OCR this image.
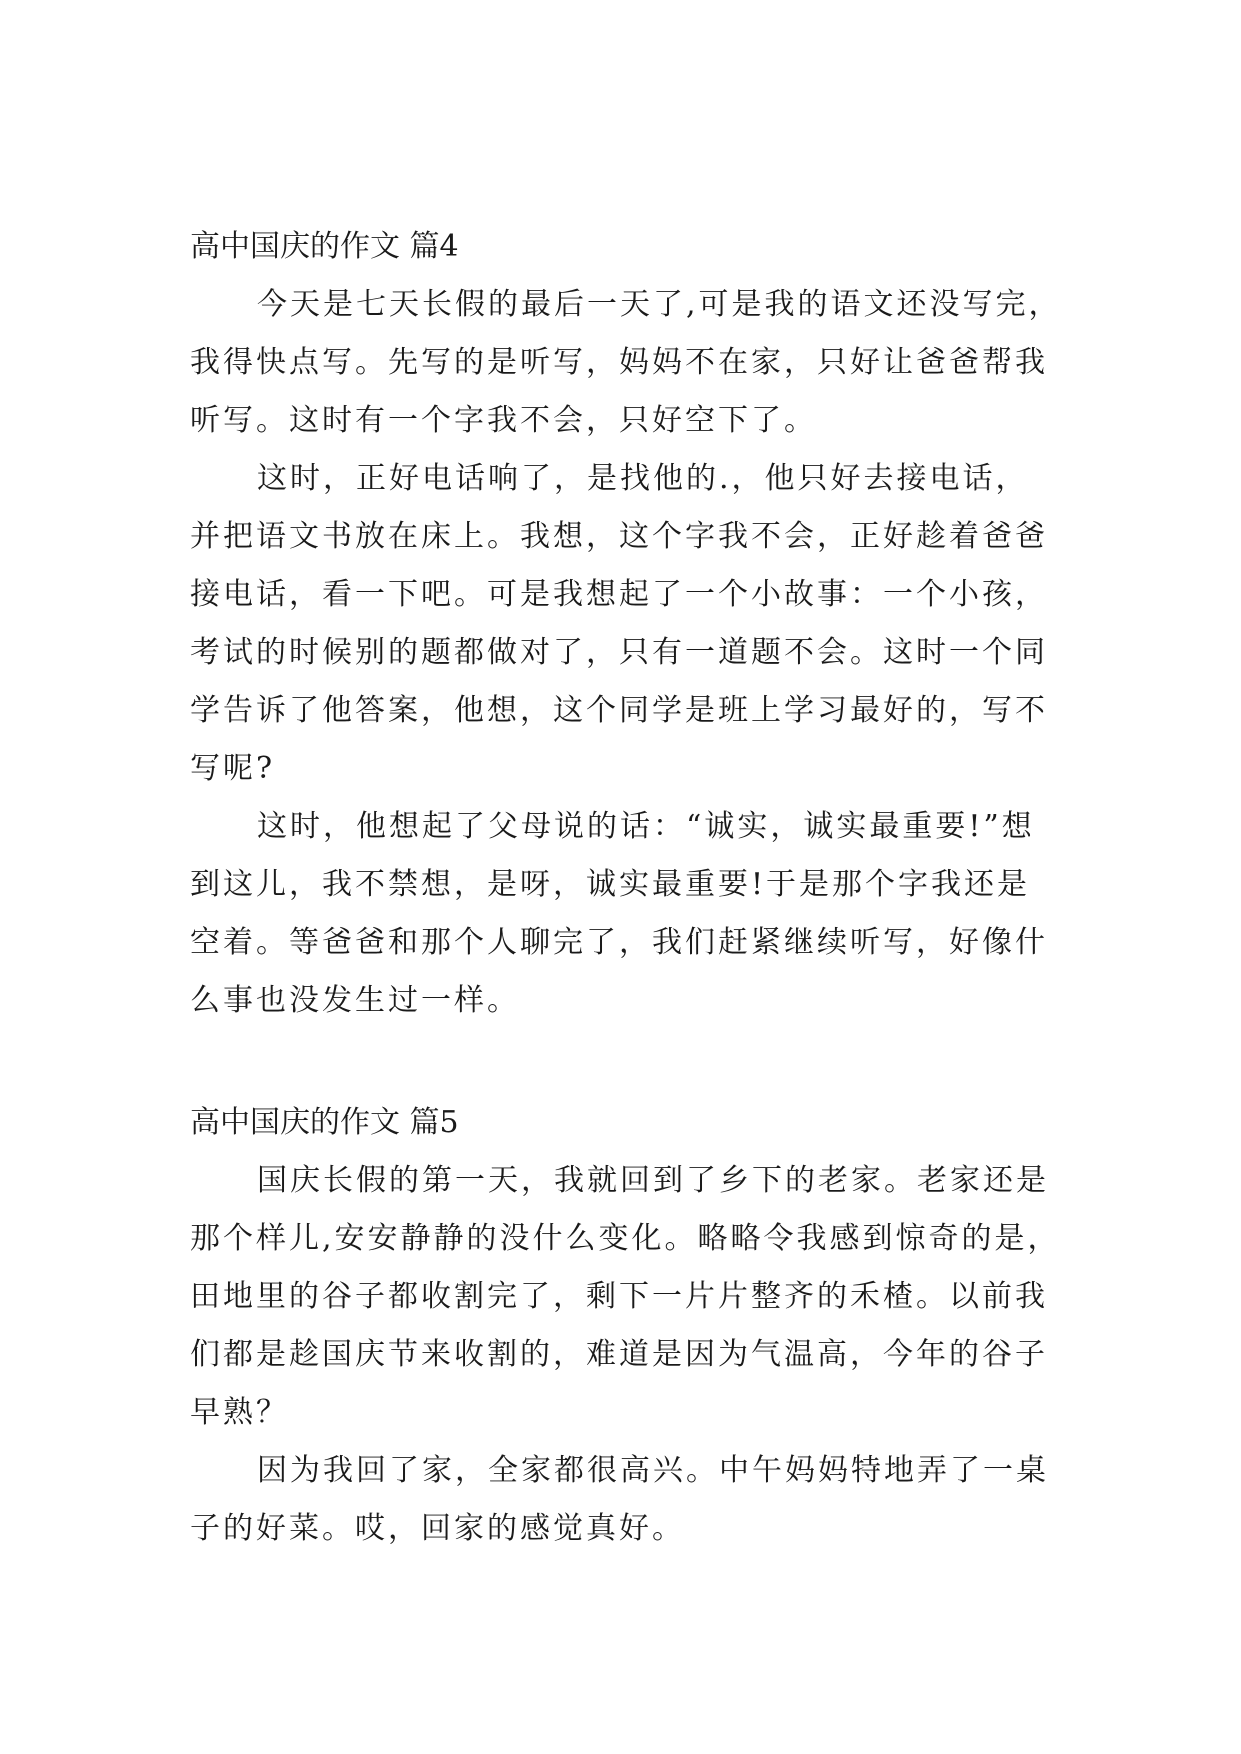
高中国庆的作文 篇4
今天是七天长假的最后一天了,可是我的语文还没写完，
我得快点写。先写的是听写，妈妈不在家，只好让爸爸帮我
听写。这时有一个字我不会，只好空下了。
这时，正好电话响了，是找他的.，他只好去接电话，
并把语文书放在床上。我想，这个字我不会，正好趁着爸爸
接电话，看一下吧。可是我想起了一个小故事：一个小孩，
考试的时候别的题都做对了，只有一道题不会。这时一个同
学告诉了他答案，他想，这个同学是班上学习最好的，写不
写呢?
这时，他想起了父母说的话：“诚实，诚实最重要!”想
到这儿，我不禁想，是呀，诚实最重要!于是那个字我还是
空着。等爸爸和那个人聊完了，我们赶紧继续听写，好像什
么事也没发生过一样。
高中国庆的作文 篇5
国庆长假的第一天，我就回到了乡下的老家。老家还是
那个样儿,安安静静的没什么变化。略略令我感到惊奇的是，
田地里的谷子都收割完了，剩下一片片整齐的禾楂。以前我
们都是趁国庆节来收割的，难道是因为气温高，今年的谷子
早熟？
因为我回了家，全家都很高兴。中午妈妈特地弄了一桌
子的好菜。哎，回家的感觉真好。
